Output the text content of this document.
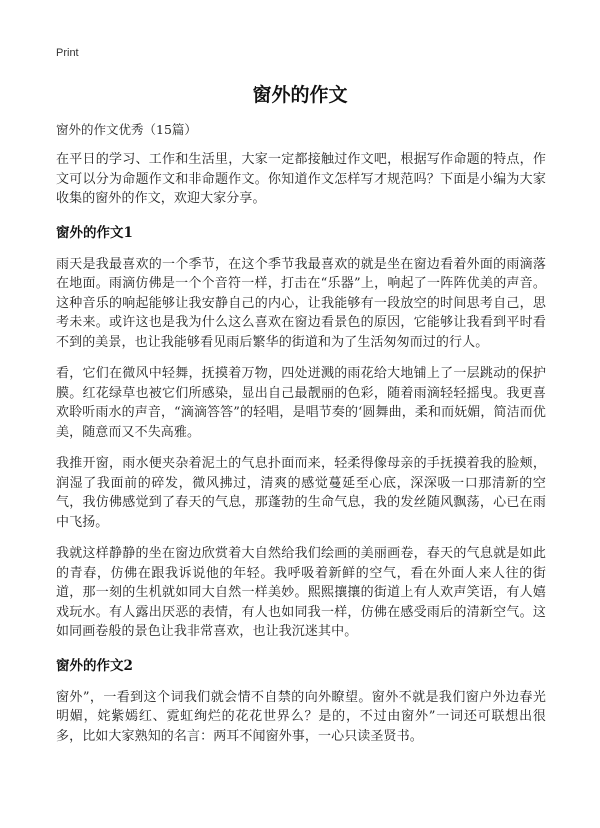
Print
窗外的作文
窗外的作文优秀（15篇）

在平日的学习、工作和生活里，大家一定都接触过作文吧，根据写作命题的特点，作文可以分为命题作文和非命题作文。你知道作文怎样写才规范吗？下面是小编为大家收集的窗外的作文，欢迎大家分享。

窗外的作文1

雨天是我最喜欢的一个季节，在这个季节我最喜欢的就是坐在窗边看着外面的雨滴落在地面。雨滴仿佛是一个个音符一样，打击在“乐器”上，响起了一阵阵优美的声音。这种音乐的响起能够让我安静自己的内心，让我能够有一段放空的时间思考自己，思考未来。或许这也是我为什么这么喜欢在窗边看景色的原因，它能够让我看到平时看不到的美景，也让我能够看见雨后繁华的街道和为了生活匆匆而过的行人。

看，它们在微风中轻舞，抚摸着万物，四处迸溅的雨花给大地铺上了一层跳动的保护膜。红花绿草也被它们所感染，显出自己最靓丽的色彩，随着雨滴轻轻摇曳。我更喜欢聆听雨水的声音，“滴滴答答”的轻唱，是唱节奏的‘圆舞曲，柔和而妩媚，简洁而优美，随意而又不失高雅。

我推开窗，雨水便夹杂着泥土的气息扑面而来，轻柔得像母亲的手抚摸着我的脸颊，润湿了我面前的碎发，微风拂过，清爽的感觉蔓延至心底，深深吸一口那清新的空气，我仿佛感觉到了春天的气息，那蓬勃的生命气息，我的发丝随风飘荡，心已在雨中飞扬。

我就这样静静的坐在窗边欣赏着大自然给我们绘画的美丽画卷，春天的气息就是如此的青春，仿佛在跟我诉说他的年轻。我呼吸着新鲜的空气，看在外面人来人往的街道，那一刻的生机就如同大自然一样美妙。熙熙攘攘的街道上有人欢声笑语，有人嬉戏玩水。有人露出厌恶的表情，有人也如同我一样，仿佛在感受雨后的清新空气。这如同画卷般的景色让我非常喜欢，也让我沉迷其中。

窗外的作文2

窗外”，一看到这个词我们就会情不自禁的向外瞭望。窗外不就是我们窗户外边春光明媚，姹紫嫣红、霓虹绚烂的花花世界么？是的，不过由窗外”一词还可联想出很多，比如大家熟知的名言：两耳不闻窗外事，一心只读圣贤书。
